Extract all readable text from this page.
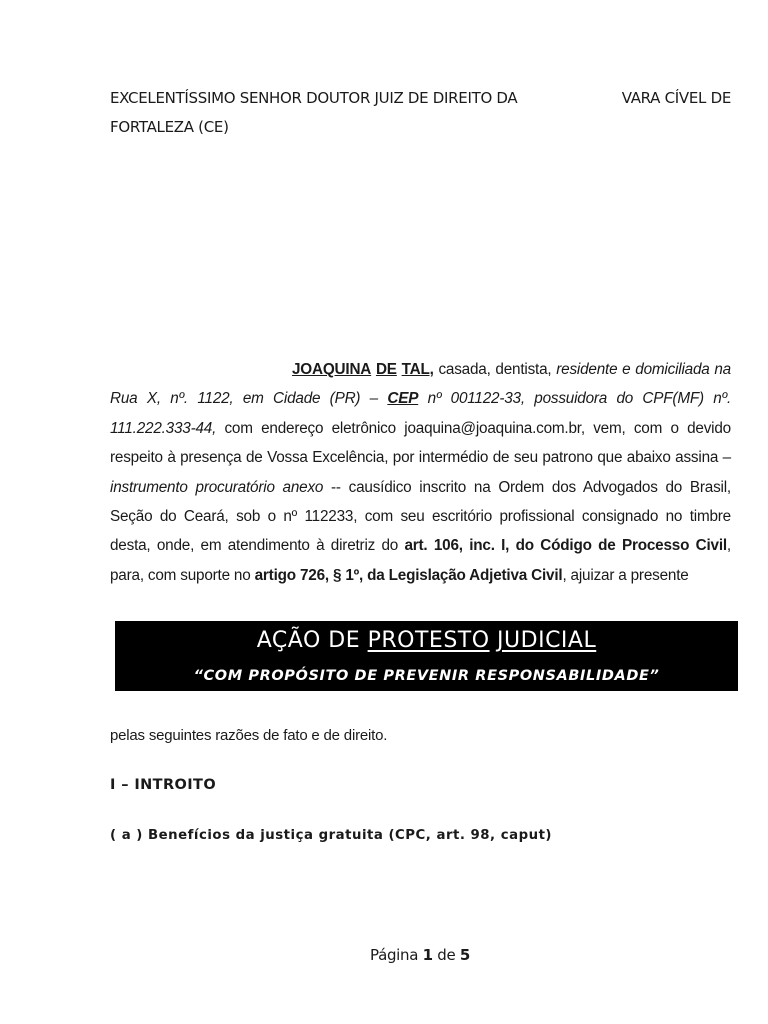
EXCELENTÍSSIMO SENHOR DOUTOR JUIZ DE DIREITO DA	VARA CÍVEL DE
FORTALEZA (CE)
JOAQUINA DE TAL, casada, dentista, residente e domiciliada na Rua X, nº. 1122, em Cidade (PR) – CEP nº 001122-33, possuidora do CPF(MF) nº. 111.222.333-44, com endereço eletrônico joaquina@joaquina.com.br, vem, com o devido respeito à presença de Vossa Excelência, por intermédio de seu patrono que abaixo assina – instrumento procuratório anexo -- causídico inscrito na Ordem dos Advogados do Brasil, Seção do Ceará, sob o nº 112233, com seu escritório profissional consignado no timbre desta, onde, em atendimento à diretriz do art. 106, inc. I, do Código de Processo Civil, para, com suporte no artigo 726, § 1º, da Legislação Adjetiva Civil, ajuizar a presente
AÇÃO DE PROTESTO JUDICIAL
“COM PROPÓSITO DE PREVENIR RESPONSABILIDADE”
pelas seguintes razões de fato e de direito.
I – INTROITO
( a ) Benefícios da justiça gratuita (CPC, art. 98, caput)
Página 1 de 5
